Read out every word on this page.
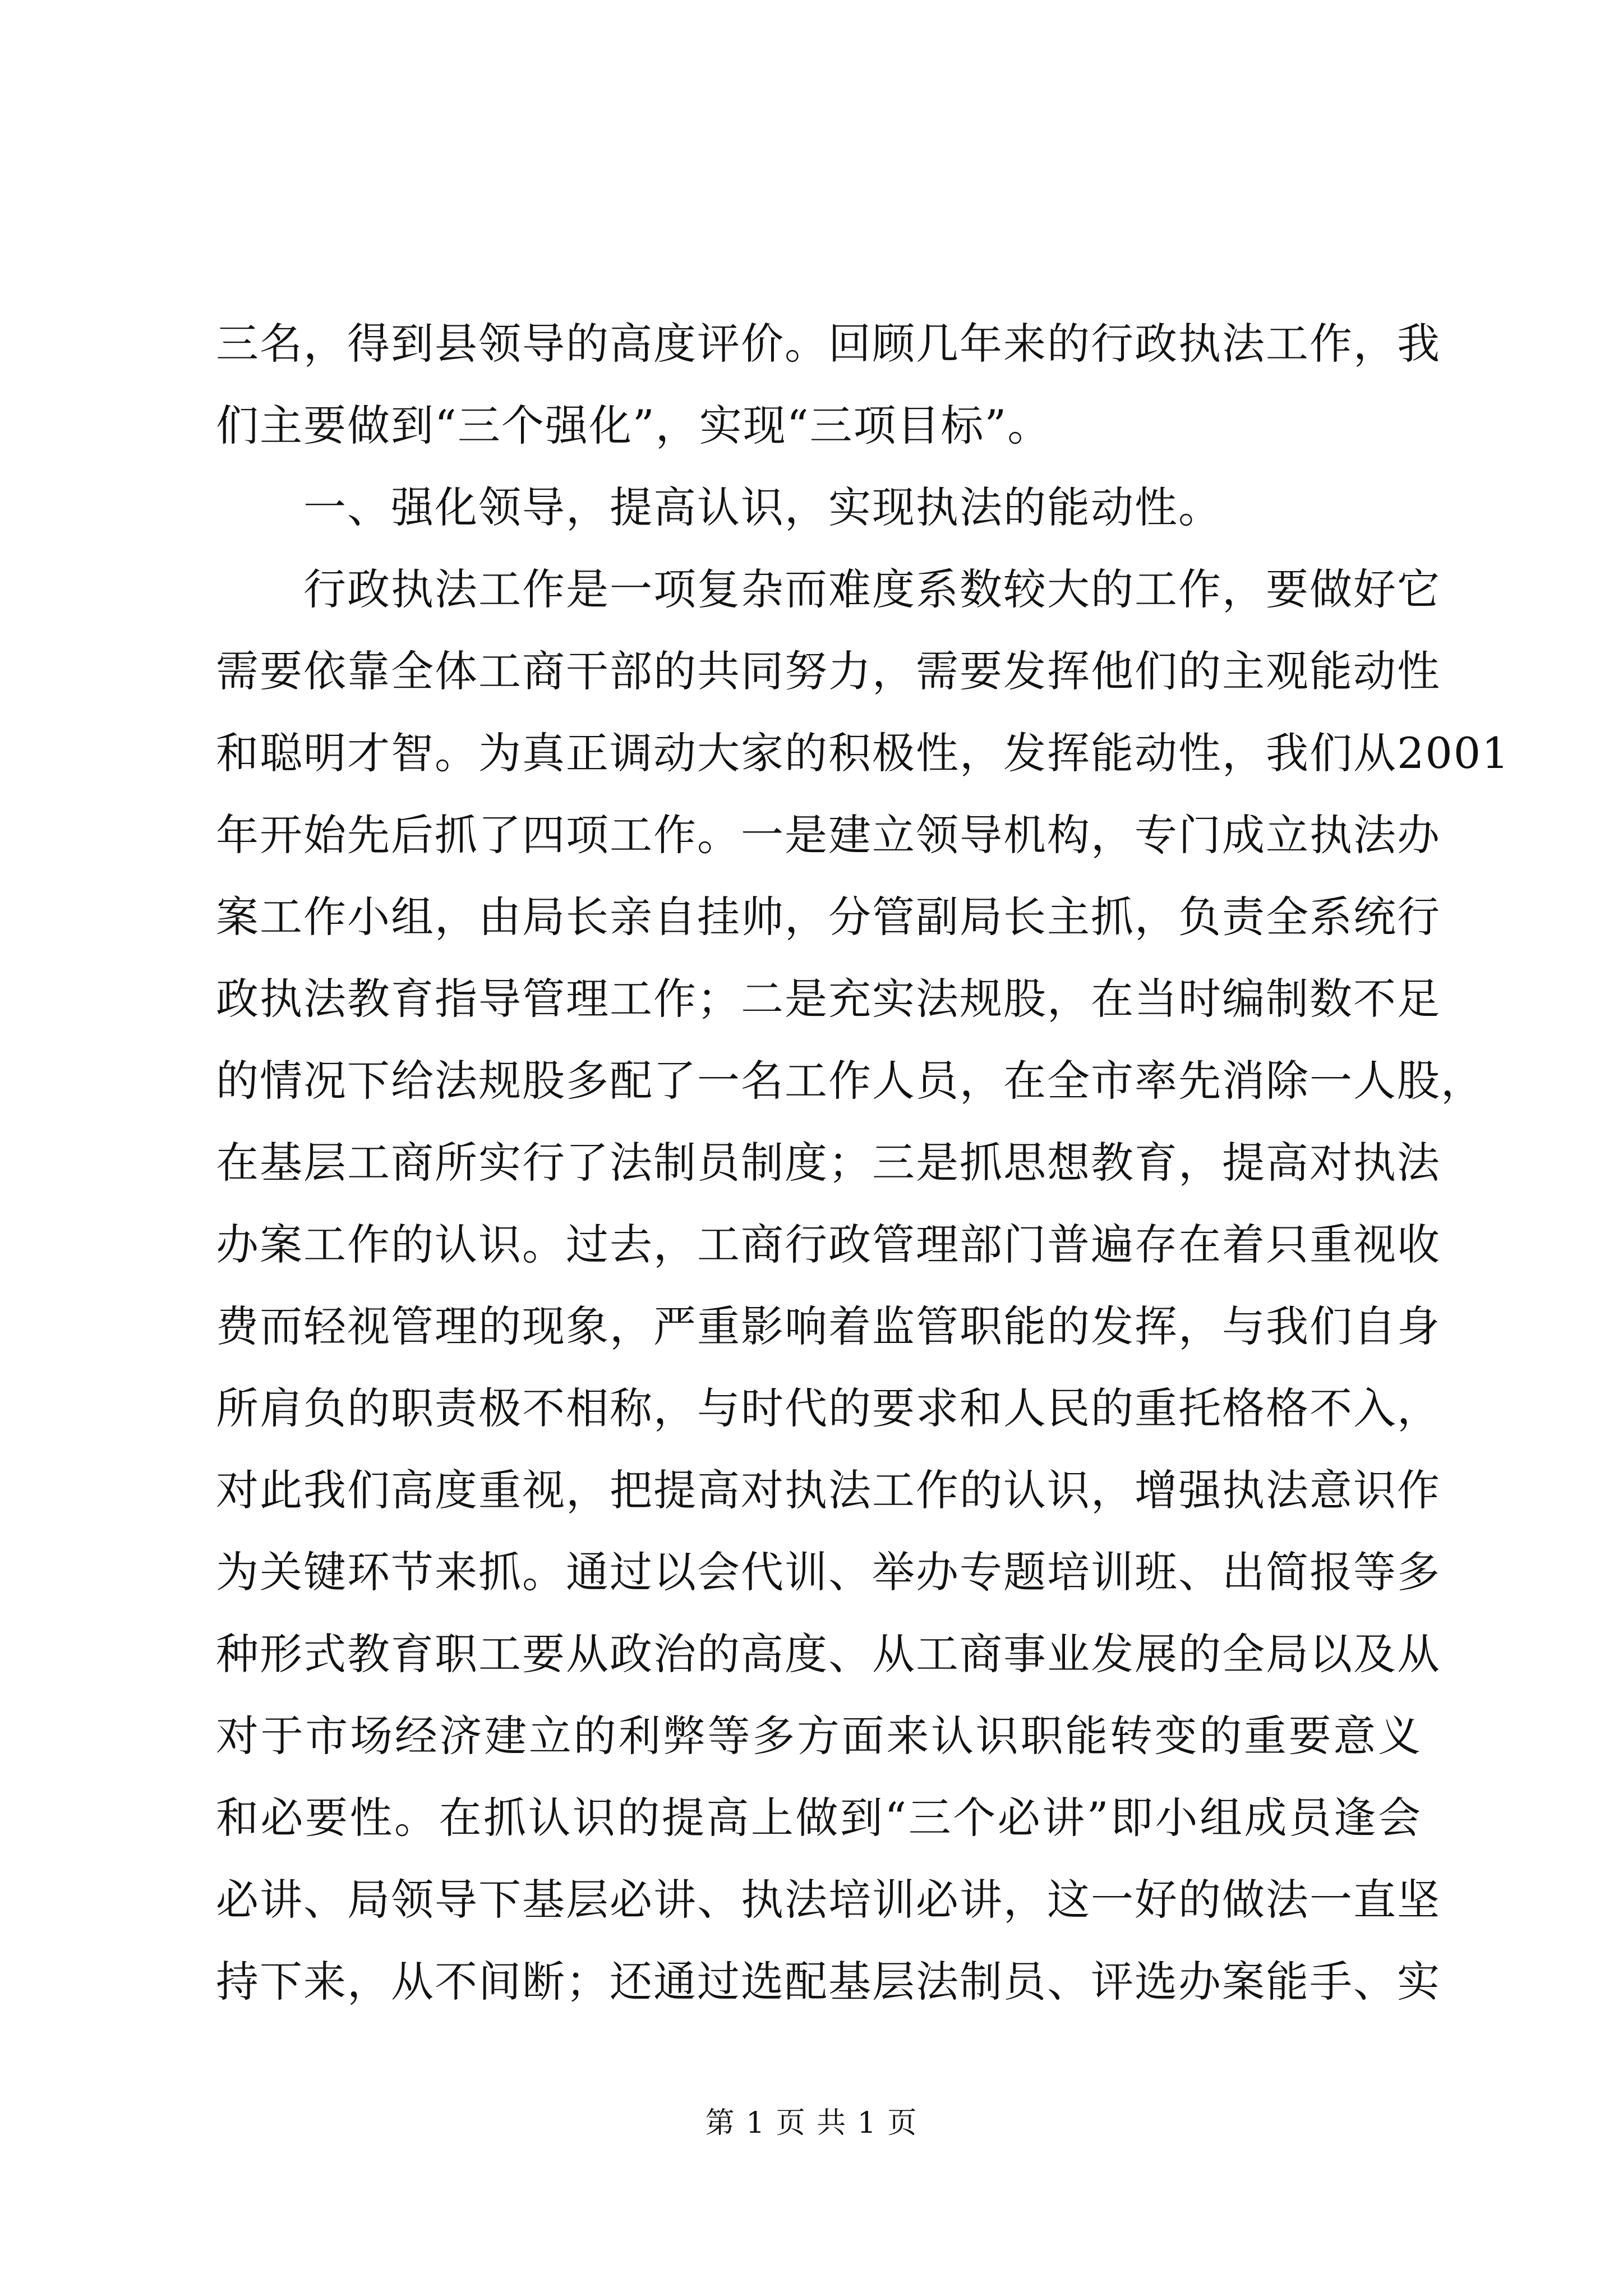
三名，得到县领导的高度评价。回顾几年来的行政执法工作，我
们主要做到“三个强化”，实现“三项目标”。
　　一、强化领导，提高认识，实现执法的能动性。
　　行政执法工作是一项复杂而难度系数较大的工作，要做好它
需要依靠全体工商干部的共同努力，需要发挥他们的主观能动性
和聪明才智。为真正调动大家的积极性，发挥能动性，我们从2001
年开始先后抓了四项工作。一是建立领导机构，专门成立执法办
案工作小组，由局长亲自挂帅，分管副局长主抓，负责全系统行
政执法教育指导管理工作；二是充实法规股，在当时编制数不足
的情况下给法规股多配了一名工作人员，在全市率先消除一人股，
在基层工商所实行了法制员制度；三是抓思想教育，提高对执法
办案工作的认识。过去，工商行政管理部门普遍存在着只重视收
费而轻视管理的现象，严重影响着监管职能的发挥，与我们自身
所肩负的职责极不相称，与时代的要求和人民的重托格格不入，
对此我们高度重视，把提高对执法工作的认识，增强执法意识作
为关键环节来抓。通过以会代训、举办专题培训班、出简报等多
种形式教育职工要从政治的高度、从工商事业发展的全局以及从
对于市场经济建立的利弊等多方面来认识职能转变的重要意义
和必要性。在抓认识的提高上做到“三个必讲”即小组成员逢会
必讲、局领导下基层必讲、执法培训必讲，这一好的做法一直坚
持下来，从不间断；还通过选配基层法制员、评选办案能手、实
第 1 页 共 1 页
